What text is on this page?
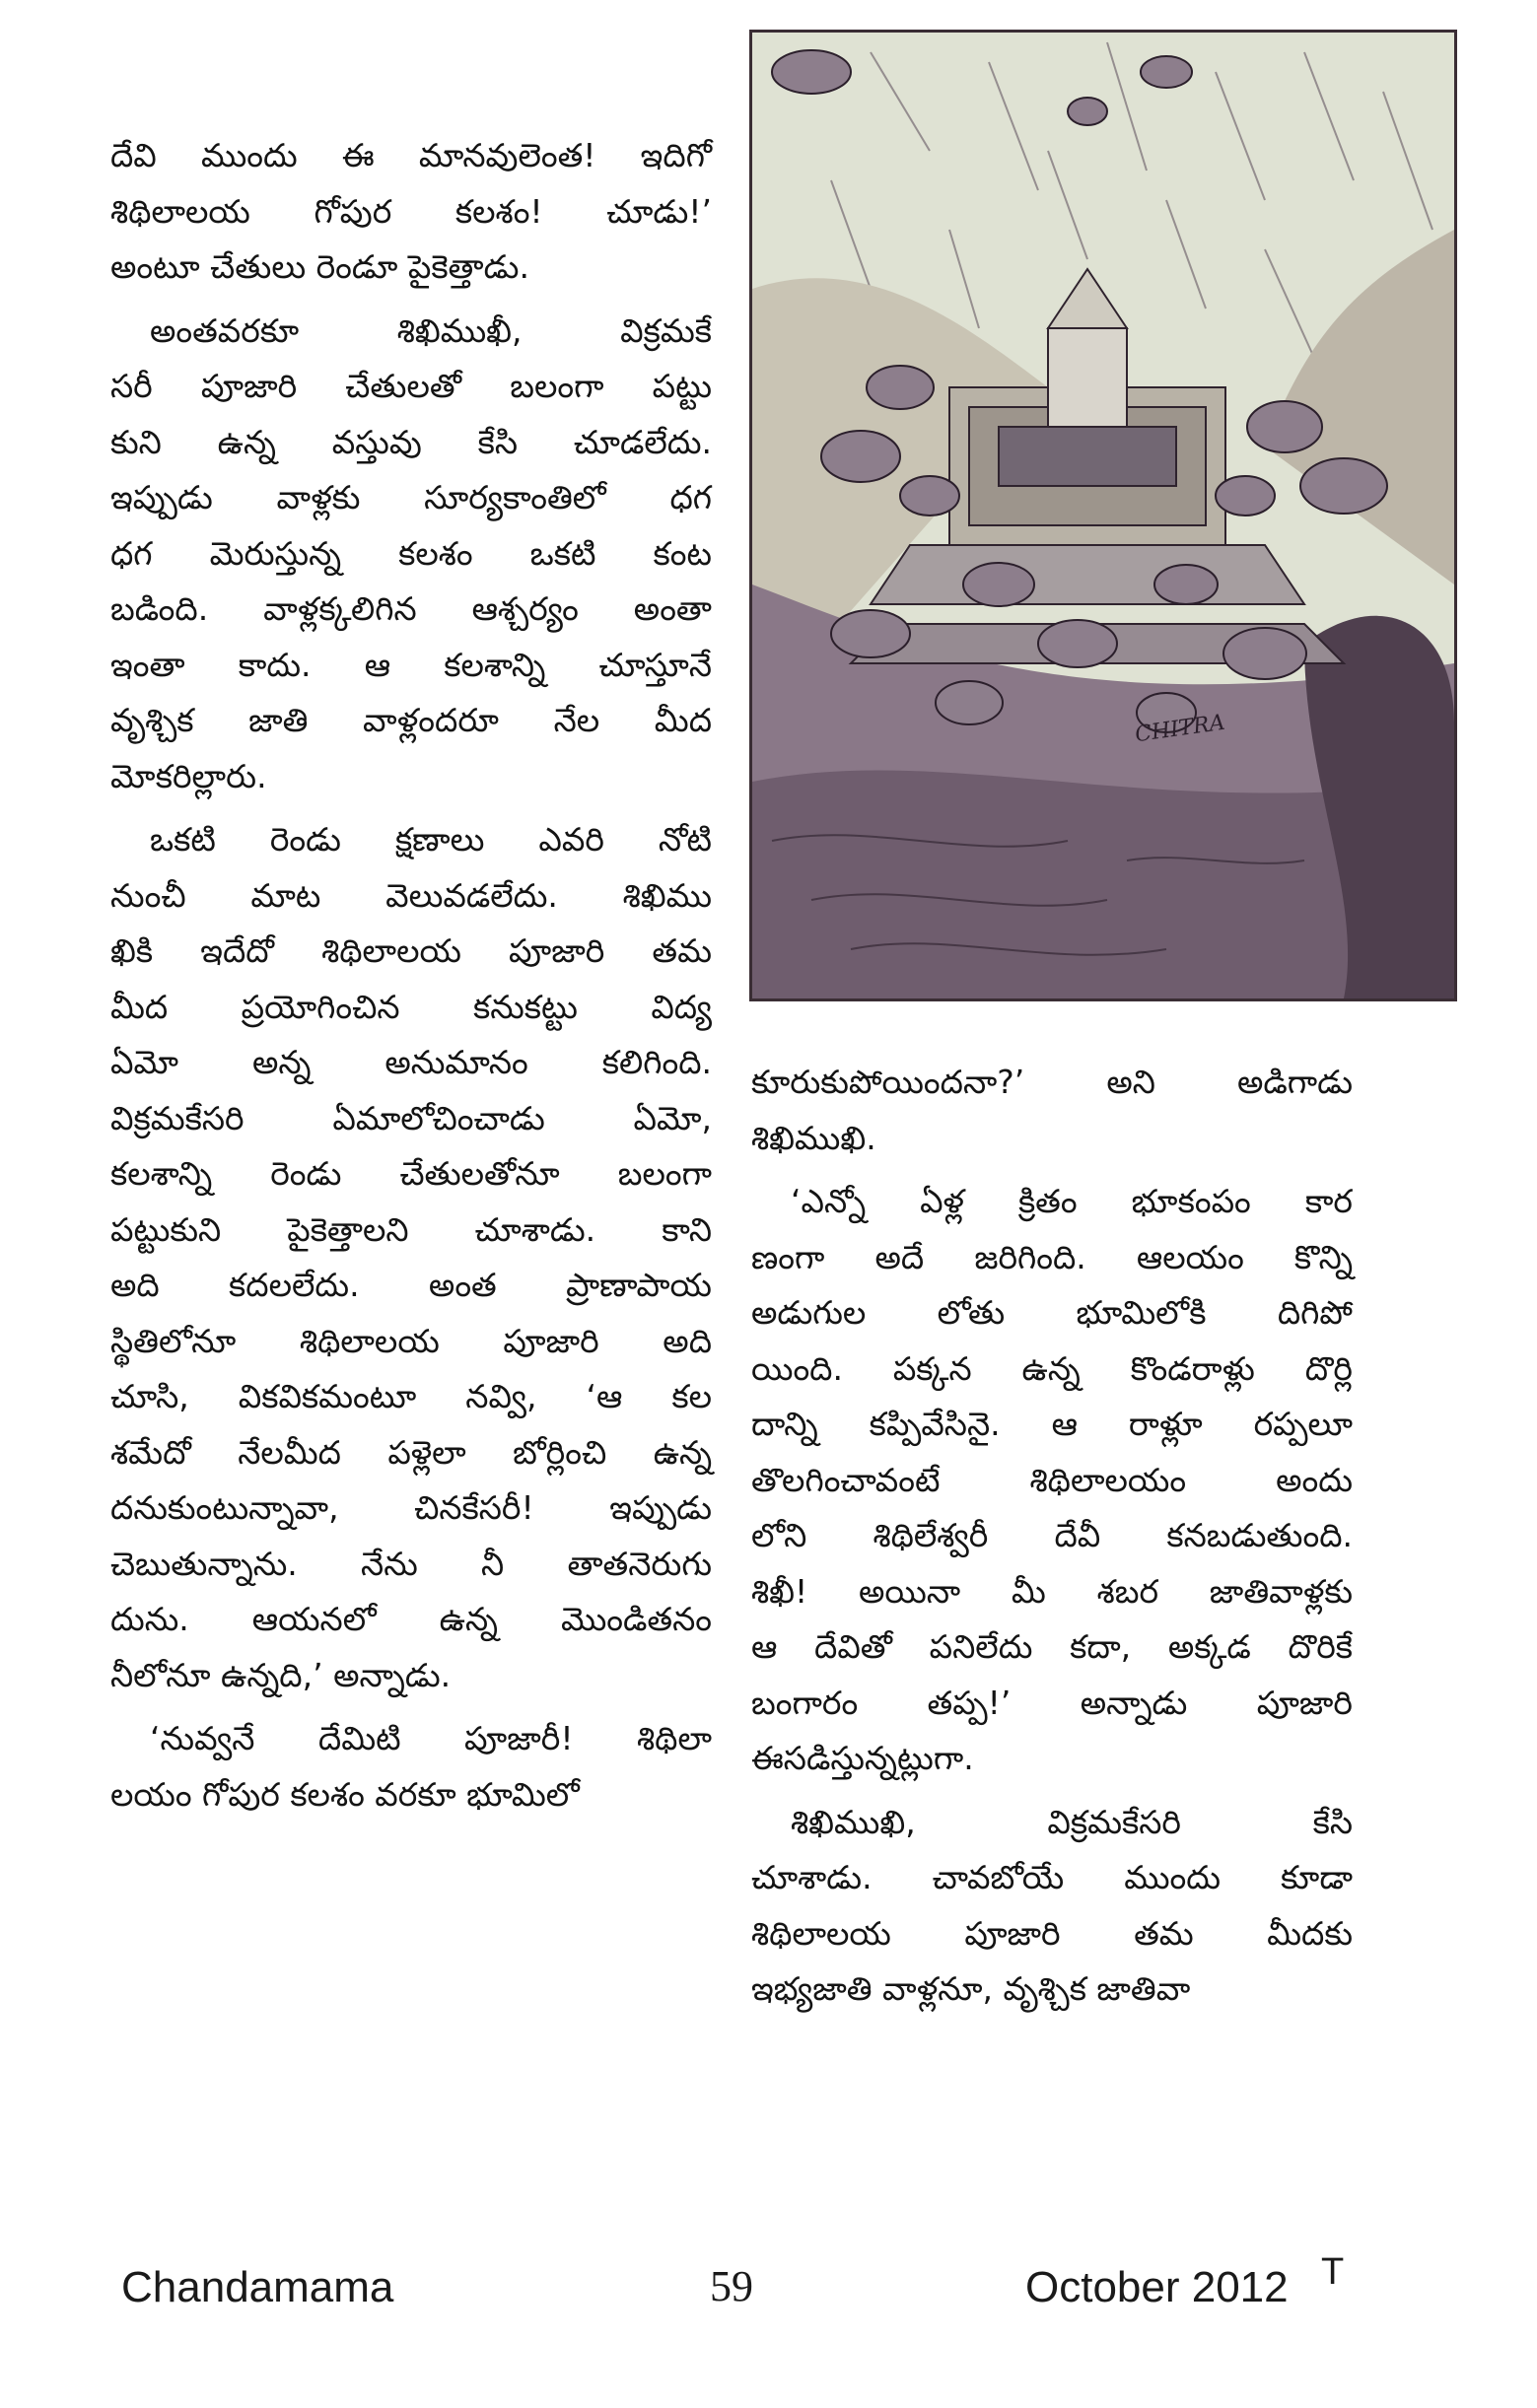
దేవి ముందు ఈ మానవులెంత! ఇదిగో
శిథిలాలయ గోపుర కలశం! చూడు!’
అంటూ చేతులు రెండూ పైకెత్తాడు.

అంతవరకూ శిఖిముఖీ, విక్రమకే
సరీ పూజారి చేతులతో బలంగా పట్టు
కుని ఉన్న వస్తువు కేసి చూడలేదు.
ఇప్పుడు వాళ్లకు సూర్యకాంతిలో ధగ
ధగ మెరుస్తున్న కలశం ఒకటి కంట
బడింది. వాళ్లక్కలిగిన ఆశ్చర్యం అంతా
ఇంతా కాదు. ఆ కలశాన్ని చూస్తూనే
వృశ్చిక జాతి వాళ్లందరూ నేల మీద
మోకరిల్లారు.

ఒకటి రెండు క్షణాలు ఎవరి నోటి
నుంచీ మాట వెలువడలేదు. శిఖిము
ఖికి ఇదేదో శిథిలాలయ పూజారి తమ
మీద ప్రయోగించిన కనుకట్టు విద్య
ఏమో అన్న అనుమానం కలిగింది.
విక్రమకేసరి ఏమాలోచించాడు ఏమో,
కలశాన్ని రెండు చేతులతోనూ బలంగా
పట్టుకుని పైకెత్తాలని చూశాడు. కాని
అది కదలలేదు. అంత ప్రాణాపాయ
స్థితిలోనూ శిథిలాలయ పూజారి అది
చూసి, వికవికమంటూ నవ్వి, ‘ఆ కల
శమేదో నేలమీద పళ్లెలా బోర్లించి ఉన్న
దనుకుంటున్నావా, చినకేసరీ! ఇప్పుడు
చెబుతున్నాను. నేను నీ తాతనెరుగు
దును. ఆయనలో ఉన్న మొండితనం
నీలోనూ ఉన్నది,’ అన్నాడు.

‘నువ్వనే దేమిటి పూజారీ! శిథిలా
లయం గోపుర కలశం వరకూ భూమిలో

CHITRA

కూరుకుపోయిందనా?’ అని అడిగాడు
శిఖిముఖి.

‘ఎన్నో ఏళ్ల క్రితం భూకంపం కార
ణంగా అదే జరిగింది. ఆలయం కొన్ని
అడుగుల లోతు భూమిలోకి దిగిపో
యింది. పక్కన ఉన్న కొండరాళ్లు దొర్లి
దాన్ని కప్పివేసినై. ఆ రాళ్లూ రప్పలూ
తొలగించావంటే శిథిలాలయం అందు
లోని శిథిలేశ్వరీ దేవీ కనబడుతుంది.
శిఖీ! అయినా మీ శబర జాతివాళ్లకు
ఆ దేవితో పనిలేదు కదా, అక్కడ దొరికే
బంగారం తప్ప!’ అన్నాడు పూజారి
ఈసడిస్తున్నట్లుగా.

శిఖిముఖి, విక్రమకేసరి కేసి
చూశాడు. చావబోయే ముందు కూడా
శిథిలాలయ పూజారి తమ మీదకు
ఇభ్యజాతి వాళ్లనూ, వృశ్చిక జాతివా

Chandamama	59	October 2012 T
